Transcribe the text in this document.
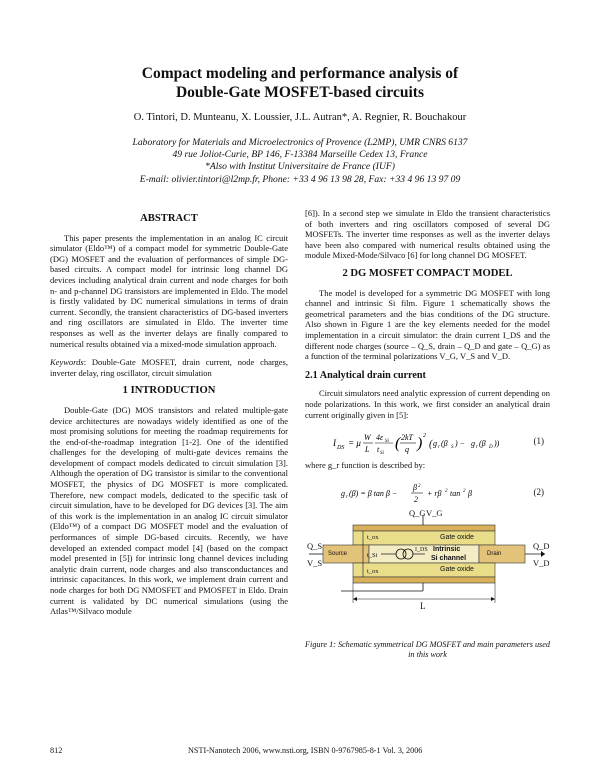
Compact modeling and performance analysis of
Double-Gate MOSFET-based circuits
O. Tintori, D. Munteanu, X. Loussier, J.L. Autran*, A. Regnier, R. Bouchakour
Laboratory for Materials and Microelectronics of Provence (L2MP), UMR CNRS 6137
49 rue Joliot-Curie, BP 146, F-13384 Marseille Cedex 13, France
*Also with Institut Universitaire de France (IUF)
E-mail: olivier.tintori@l2mp.fr, Phone: +33 4 96 13 98 28, Fax: +33 4 96 13 97 09
ABSTRACT

This paper presents the implementation in an analog IC circuit simulator (Eldo™) of a compact model for symmetric Double-Gate (DG) MOSFET and the evaluation of performances of simple DG-based circuits. A compact model for intrinsic long channel DG devices including analytical drain current and node charges for both n- and p-channel DG transistors are implemented in Eldo. The model is firstly validated by DC numerical simulations in terms of drain current. Secondly, the transient characteristics of DG-based inverters and ring oscillators are simulated in Eldo. The inverter time responses as well as the inverter delays are finally compared to numerical results obtained via a mixed-mode simulation approach.

Keywords: Double-Gate MOSFET, drain current, node charges, inverter delay, ring oscillator, circuit simulation

1 INTRODUCTION

Double-Gate (DG) MOS transistors and related multiple-gate device architectures are nowadays widely identified as one of the most promising solutions for meeting the roadmap requirements for the end-of-the-roadmap integration [1-2]. One of the identified challenges for the developing of multi-gate devices remains the development of compact models dedicated to circuit simulation [3]. Although the operation of DG transistor is similar to the conventional MOSFET, the physics of DG MOSFET is more complicated. Therefore, new compact models, dedicated to the specific task of circuit simulation, have to be developed for DG devices [3]. The aim of this work is the implementation in an analog IC circuit simulator (Eldo™) of a compact DG MOSFET model and the evaluation of performances of simple DG-based circuits. Recently, we have developed an extended compact model [4] (based on the compact model presented in [5]) for intrinsic long channel devices including analytic drain current, node charges and also transconductances and intrinsic capacitances. In this work, we implement drain current and node charges for both DG NMOSFET and PMOSFET in Eldo. Drain current is validated by DC numerical simulations (using the Atlas™/Silvaco module

[6]). In a second step we simulate in Eldo the transient characteristics of both inverters and ring oscillators composed of several DG MOSFETs. The inverter time responses as well as the inverter delays have been also compared with numerical results obtained using the module Mixed-Mode/Silvaco [6] for long channel DG MOSFET.

2 DG MOSFET COMPACT MODEL

The model is developed for a symmetric DG MOSFET with long channel and intrinsic Si film. Figure 1 schematically shows the geometrical parameters and the bias conditions of the DG structure. Also shown in Figure 1 are the key elements needed for the model implementation in a circuit simulator: the drain current I_DS and the different node charges (source – Q_S, drain – Q_D and gate – Q_G) as a function of the terminal polarizations V_G, V_S and V_D.

2.1 Analytical drain current

Circuit simulators need analytic expression of current depending on node polarizations. In this work, we first consider an analytical drain current originally given in [5]:

I DS = μ
W
L
4ε Si
t Si
( 2kT
q ) 2
( g r (β S ) − g r (β D ))	(1)

where g_r function is described by:

g r (β) = β tan β −
β 2
2
+ rβ 2 tan 2 β	(2)
Q_G V_G
Q_S
V_S
Q_D
V_D
Source	Drain
Gate oxide
Gate oxide
Intrinsic
Si channel
t_ox
t_Si
t_ox
I_DS
L
Figure 1: Schematic symmetrical DG MOSFET and main parameters used in this work
812	NSTI-Nanotech 2006, www.nsti.org, ISBN 0-9767985-8-1 Vol. 3, 2006
